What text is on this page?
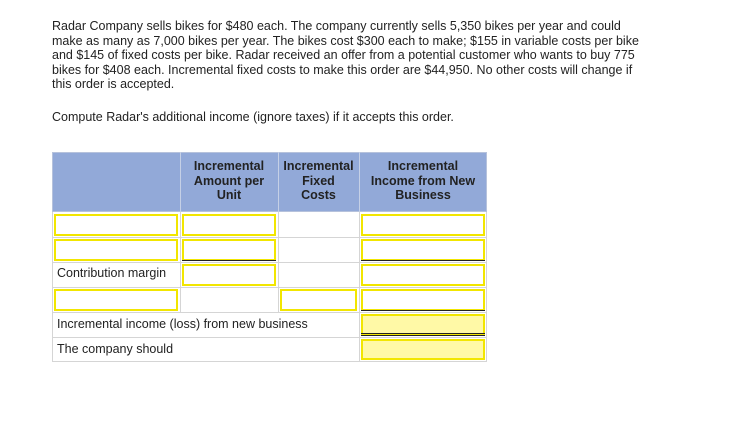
Radar Company sells bikes for $480 each. The company currently sells 5,350 bikes per year and could
make as many as 7,000 bikes per year. The bikes cost $300 each to make; $155 in variable costs per bike
and $145 of fixed costs per bike. Radar received an offer from a potential customer who wants to buy 775
bikes for $408 each. Incremental fixed costs to make this order are $44,950. No other costs will change if
this order is accepted.
Compute Radar's additional income (ignore taxes) if it accepts this order.
Incremental
Amount per
Unit
Incremental
Fixed
Costs
Incremental
Income from New
Business
Contribution margin
Incremental income (loss) from new business
The company should
